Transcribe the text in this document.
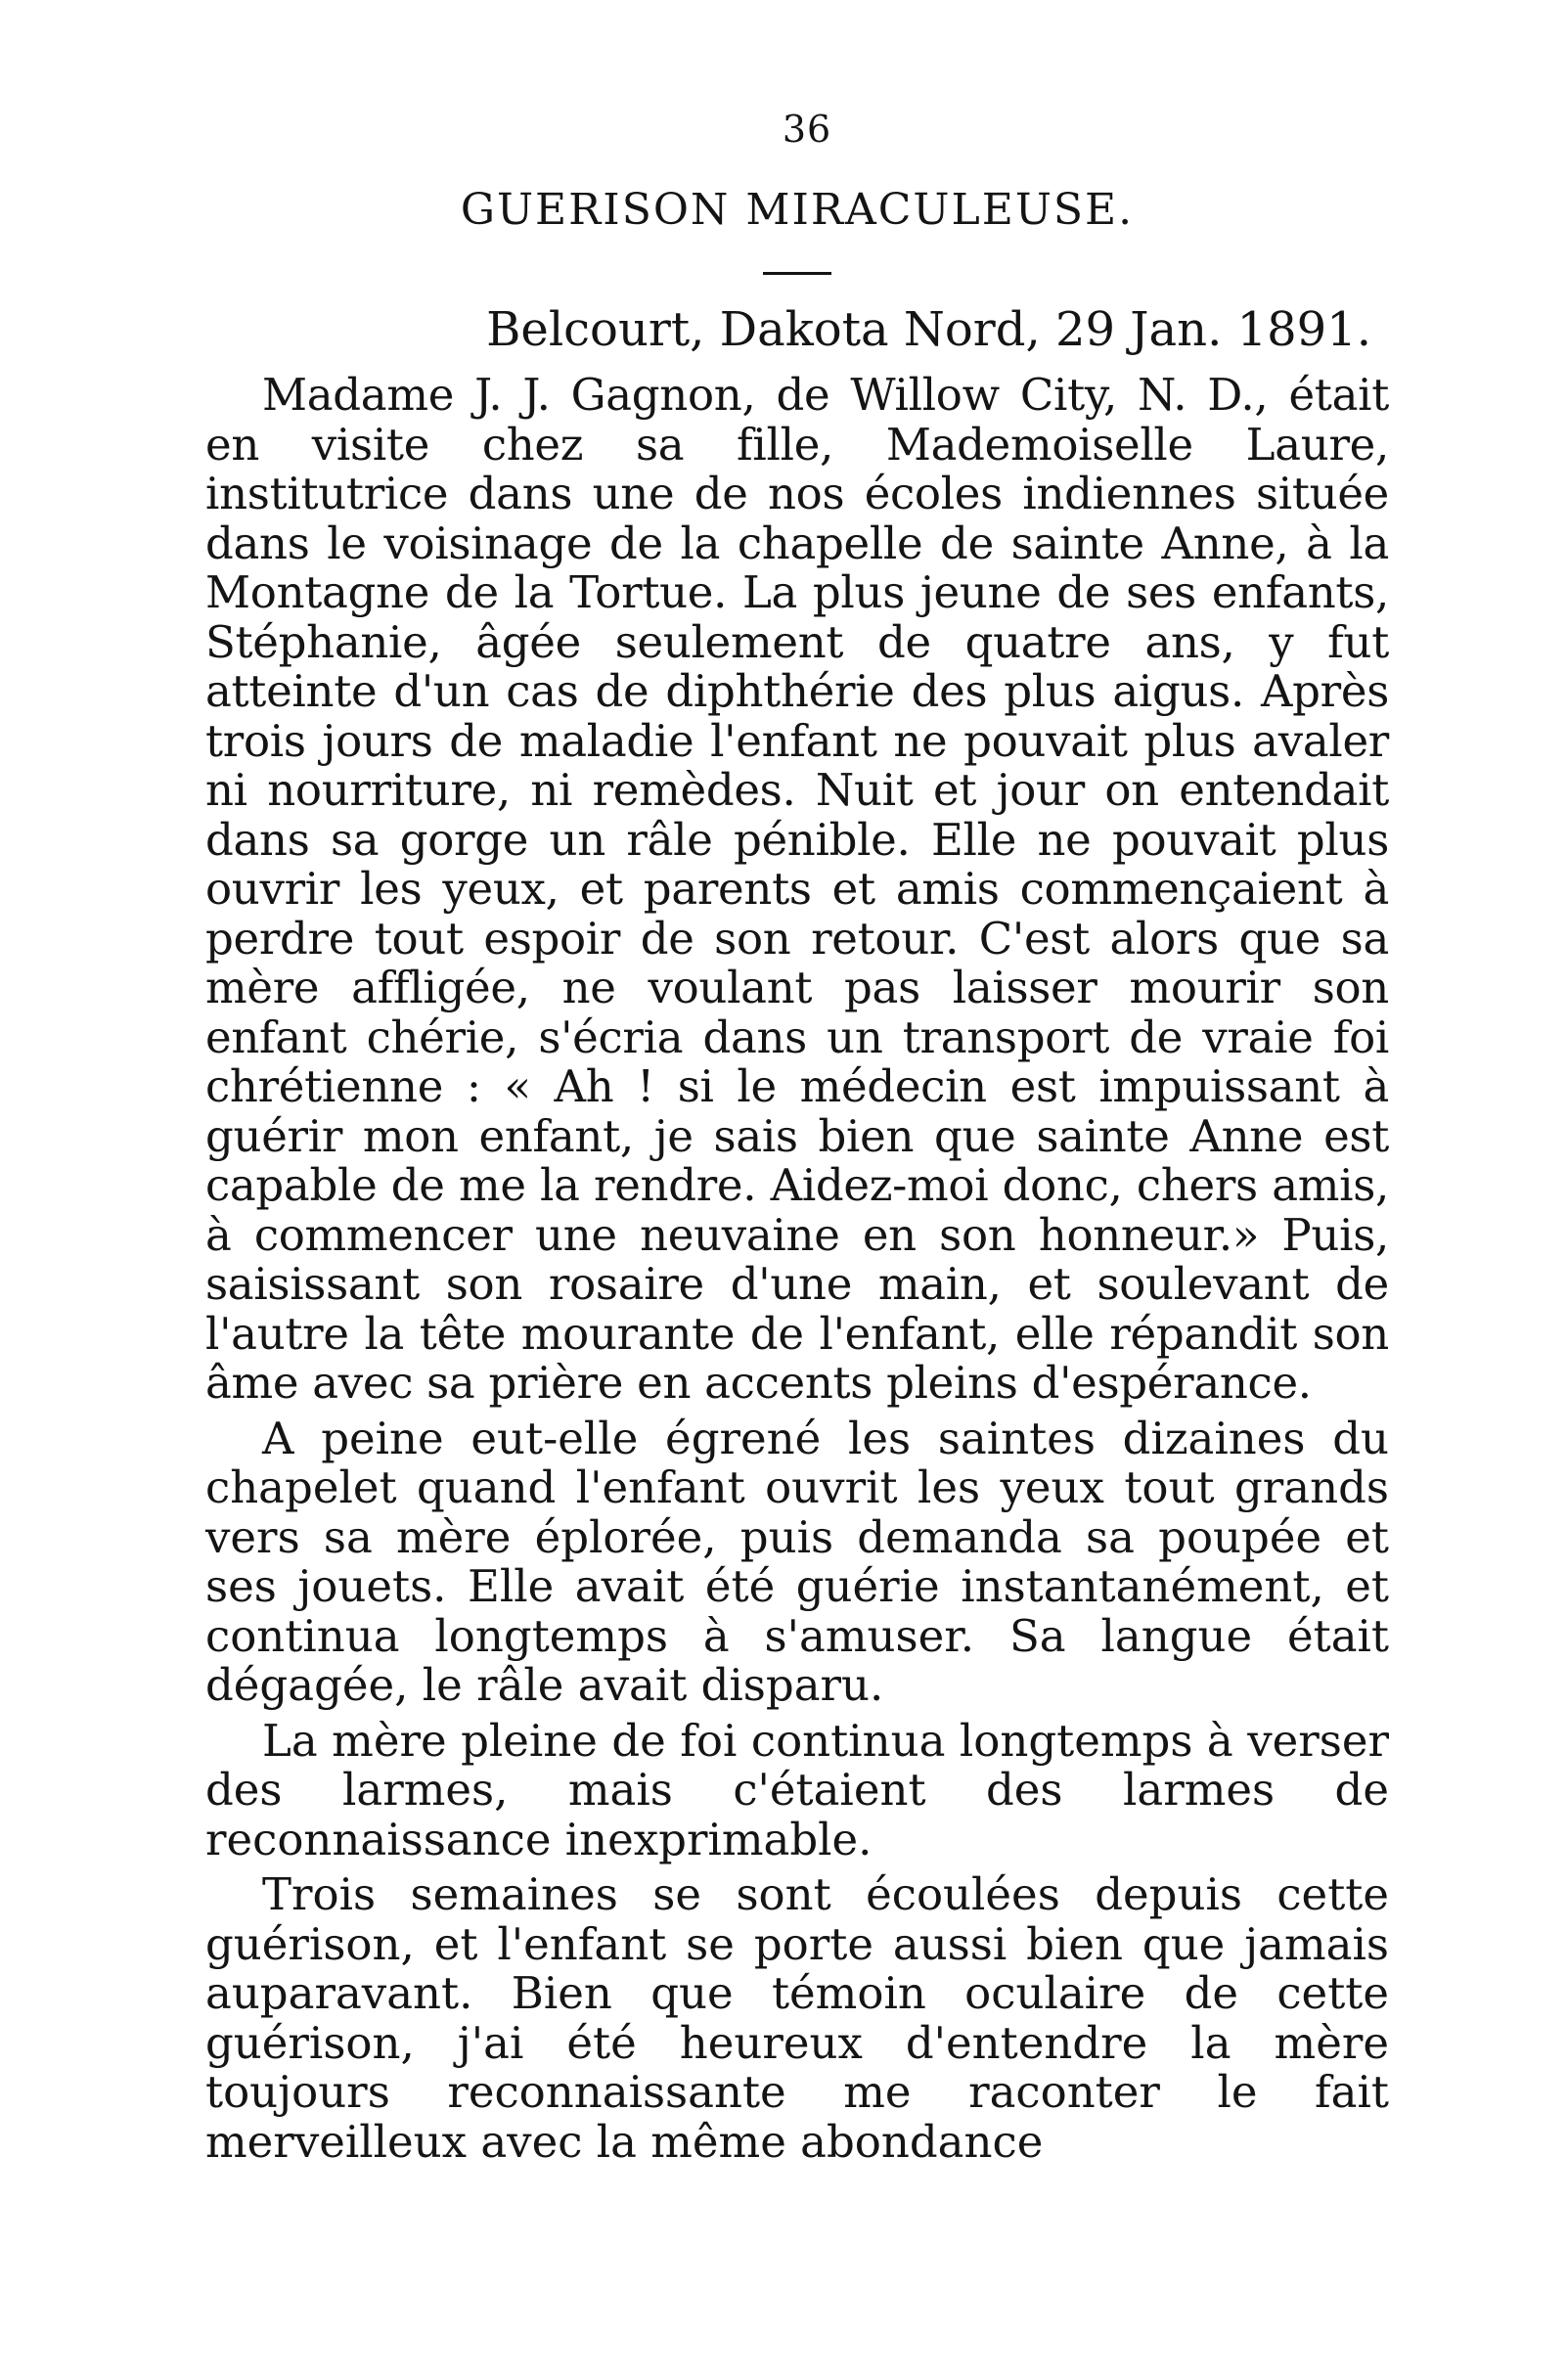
36
GUERISON MIRACULEUSE.
Belcourt, Dakota Nord, 29 Jan. 1891.

Madame J. J. Gagnon, de Willow City, N. D., était en visite chez sa fille, Mademoiselle Laure, institutrice dans une de nos écoles indiennes située dans le voisinage de la chapelle de sainte Anne, à la Montagne de la Tortue. La plus jeune de ses enfants, Stéphanie, âgée seulement de quatre ans, y fut atteinte d'un cas de diphthérie des plus aigus. Après trois jours de maladie l'enfant ne pouvait plus avaler ni nourriture, ni remèdes. Nuit et jour on entendait dans sa gorge un râle pénible. Elle ne pouvait plus ouvrir les yeux, et parents et amis commençaient à perdre tout espoir de son retour. C'est alors que sa mère affligée, ne voulant pas laisser mourir son enfant chérie, s'écria dans un transport de vraie foi chrétienne : « Ah ! si le médecin est impuissant à guérir mon enfant, je sais bien que sainte Anne est capable de me la rendre. Aidez-moi donc, chers amis, à commencer une neuvaine en son honneur.» Puis, saisissant son rosaire d'une main, et soulevant de l'autre la tête mourante de l'enfant, elle répandit son âme avec sa prière en accents pleins d'espérance.

A peine eut-elle égrené les saintes dizaines du chapelet quand l'enfant ouvrit les yeux tout grands vers sa mère éplorée, puis demanda sa poupée et ses jouets. Elle avait été guérie instantanément, et continua longtemps à s'amuser. Sa langue était dégagée, le râle avait disparu.

La mère pleine de foi continua longtemps à verser des larmes, mais c'étaient des larmes de reconnaissance inexprimable.

Trois semaines se sont écoulées depuis cette guérison, et l'enfant se porte aussi bien que jamais auparavant. Bien que témoin oculaire de cette guérison, j'ai été heureux d'entendre la mère toujours reconnaissante me raconter le fait merveilleux avec la même abondance
